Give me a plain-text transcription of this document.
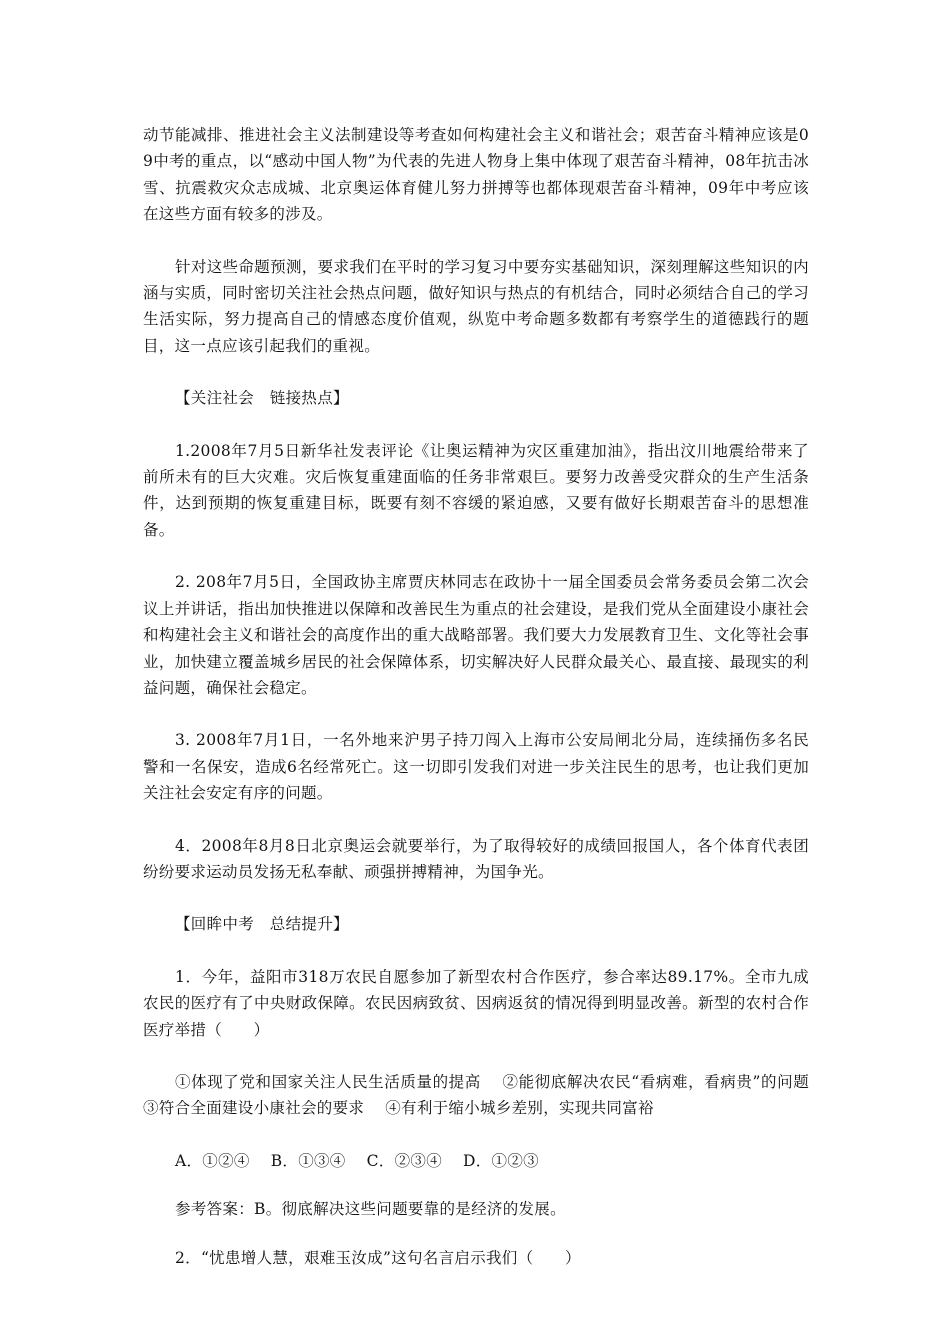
动节能减排、推进社会主义法制建设等考查如何构建社会主义和谐社会；艰苦奋斗精神应该是09中考的重点，以“感动中国人物”为代表的先进人物身上集中体现了艰苦奋斗精神，08年抗击冰雪、抗震救灾众志成城、北京奥运体育健儿努力拼搏等也都体现艰苦奋斗精神，09年中考应该在这些方面有较多的涉及。

针对这些命题预测，要求我们在平时的学习复习中要夯实基础知识，深刻理解这些知识的内涵与实质，同时密切关注社会热点问题，做好知识与热点的有机结合，同时必须结合自己的学习生活实际，努力提高自己的情感态度价值观，纵览中考命题多数都有考察学生的道德践行的题目，这一点应该引起我们的重视。

【关注社会　链接热点】

1.2008年7月5日新华社发表评论《让奥运精神为灾区重建加油》，指出汶川地震给带来了前所未有的巨大灾难。灾后恢复重建面临的任务非常艰巨。要努力改善受灾群众的生产生活条件，达到预期的恢复重建目标，既要有刻不容缓的紧迫感，又要有做好长期艰苦奋斗的思想准备。

2. 208年7月5日，全国政协主席贾庆林同志在政协十一届全国委员会常务委员会第二次会议上并讲话，指出加快推进以保障和改善民生为重点的社会建设，是我们党从全面建设小康社会和构建社会主义和谐社会的高度作出的重大战略部署。我们要大力发展教育卫生、文化等社会事业，加快建立覆盖城乡居民的社会保障体系，切实解决好人民群众最关心、最直接、最现实的利益问题，确保社会稳定。

3. 2008年7月1日，一名外地来沪男子持刀闯入上海市公安局闸北分局，连续捅伤多名民警和一名保安，造成6名经常死亡。这一切即引发我们对进一步关注民生的思考，也让我们更加关注社会安定有序的问题。

4．2008年8月8日北京奥运会就要举行，为了取得较好的成绩回报国人，各个体育代表团纷纷要求运动员发扬无私奉献、顽强拼搏精神，为国争光。

【回眸中考　总结提升】

1．今年，益阳市318万农民自愿参加了新型农村合作医疗，参合率达89.17%。全市九成农民的医疗有了中央财政保障。农民因病致贫、因病返贫的情况得到明显改善。新型的农村合作医疗举措（　　）

①体现了党和国家关注人民生活质量的提高　 ②能彻底解决农民“看病难，看病贵”的问题　③符合全面建设小康社会的要求　 ④有利于缩小城乡差别，实现共同富裕

A．①②④　 B．①③④　 C．②③④　 D．①②③

参考答案：B。彻底解决这些问题要靠的是经济的发展。

2．“忧患增人慧，艰难玉汝成”这句名言启示我们（　　）
